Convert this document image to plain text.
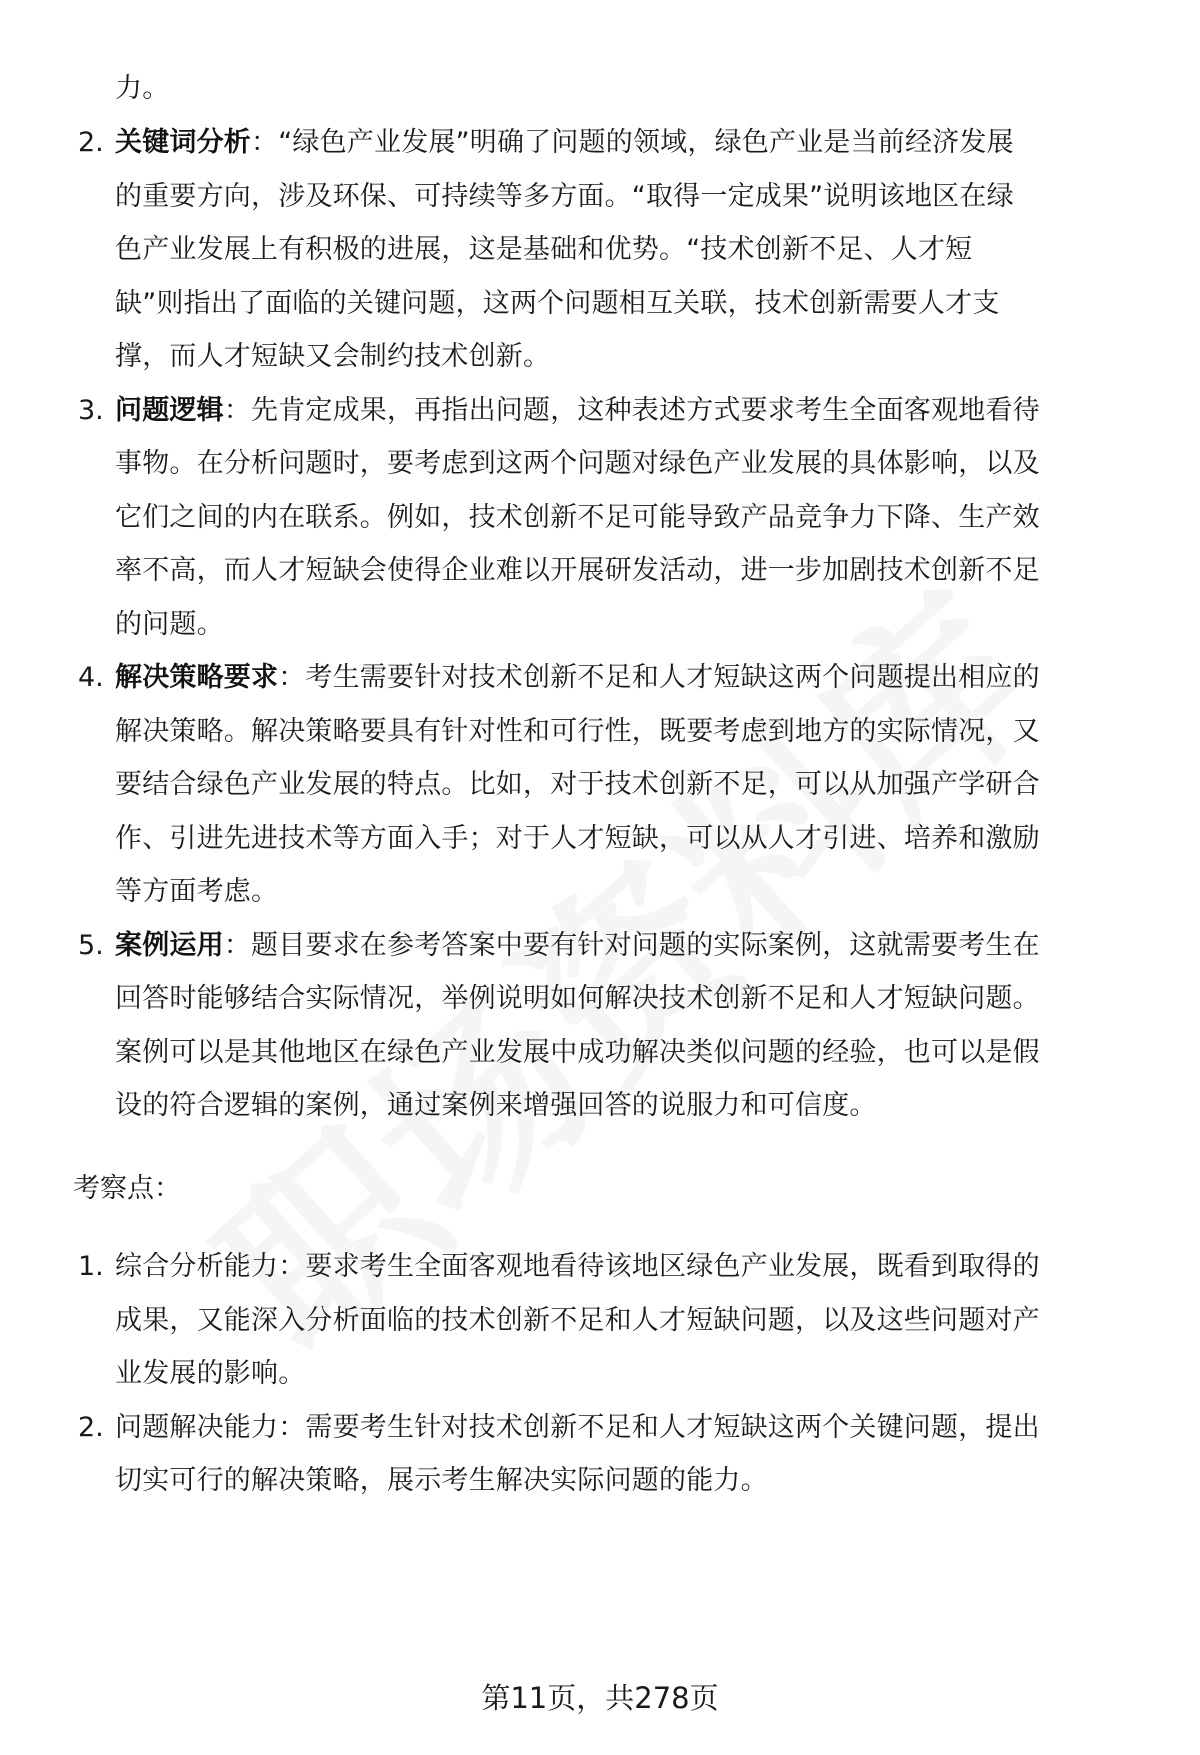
力。
2. 关键词分析：“绿色产业发展”明确了问题的领域，绿色产业是当前经济发展
的重要方向，涉及环保、可持续等多方面。“取得一定成果”说明该地区在绿
色产业发展上有积极的进展，这是基础和优势。“技术创新不足、人才短
缺”则指出了面临的关键问题，这两个问题相互关联，技术创新需要人才支
撑，而人才短缺又会制约技术创新。
3. 问题逻辑：先肯定成果，再指出问题，这种表述方式要求考生全面客观地看待
事物。在分析问题时，要考虑到这两个问题对绿色产业发展的具体影响，以及
它们之间的内在联系。例如，技术创新不足可能导致产品竞争力下降、生产效
率不高，而人才短缺会使得企业难以开展研发活动，进一步加剧技术创新不足
的问题。
4. 解决策略要求：考生需要针对技术创新不足和人才短缺这两个问题提出相应的
解决策略。解决策略要具有针对性和可行性，既要考虑到地方的实际情况，又
要结合绿色产业发展的特点。比如，对于技术创新不足，可以从加强产学研合
作、引进先进技术等方面入手；对于人才短缺，可以从人才引进、培养和激励
等方面考虑。
5. 案例运用：题目要求在参考答案中要有针对问题的实际案例，这就需要考生在
回答时能够结合实际情况，举例说明如何解决技术创新不足和人才短缺问题。
案例可以是其他地区在绿色产业发展中成功解决类似问题的经验，也可以是假
设的符合逻辑的案例，通过案例来增强回答的说服力和可信度。
考察点：
1. 综合分析能力：要求考生全面客观地看待该地区绿色产业发展，既看到取得的
成果，又能深入分析面临的技术创新不足和人才短缺问题，以及这些问题对产
业发展的影响。
2. 问题解决能力：需要考生针对技术创新不足和人才短缺这两个关键问题，提出
切实可行的解决策略，展示考生解决实际问题的能力。
第11页，共278页
